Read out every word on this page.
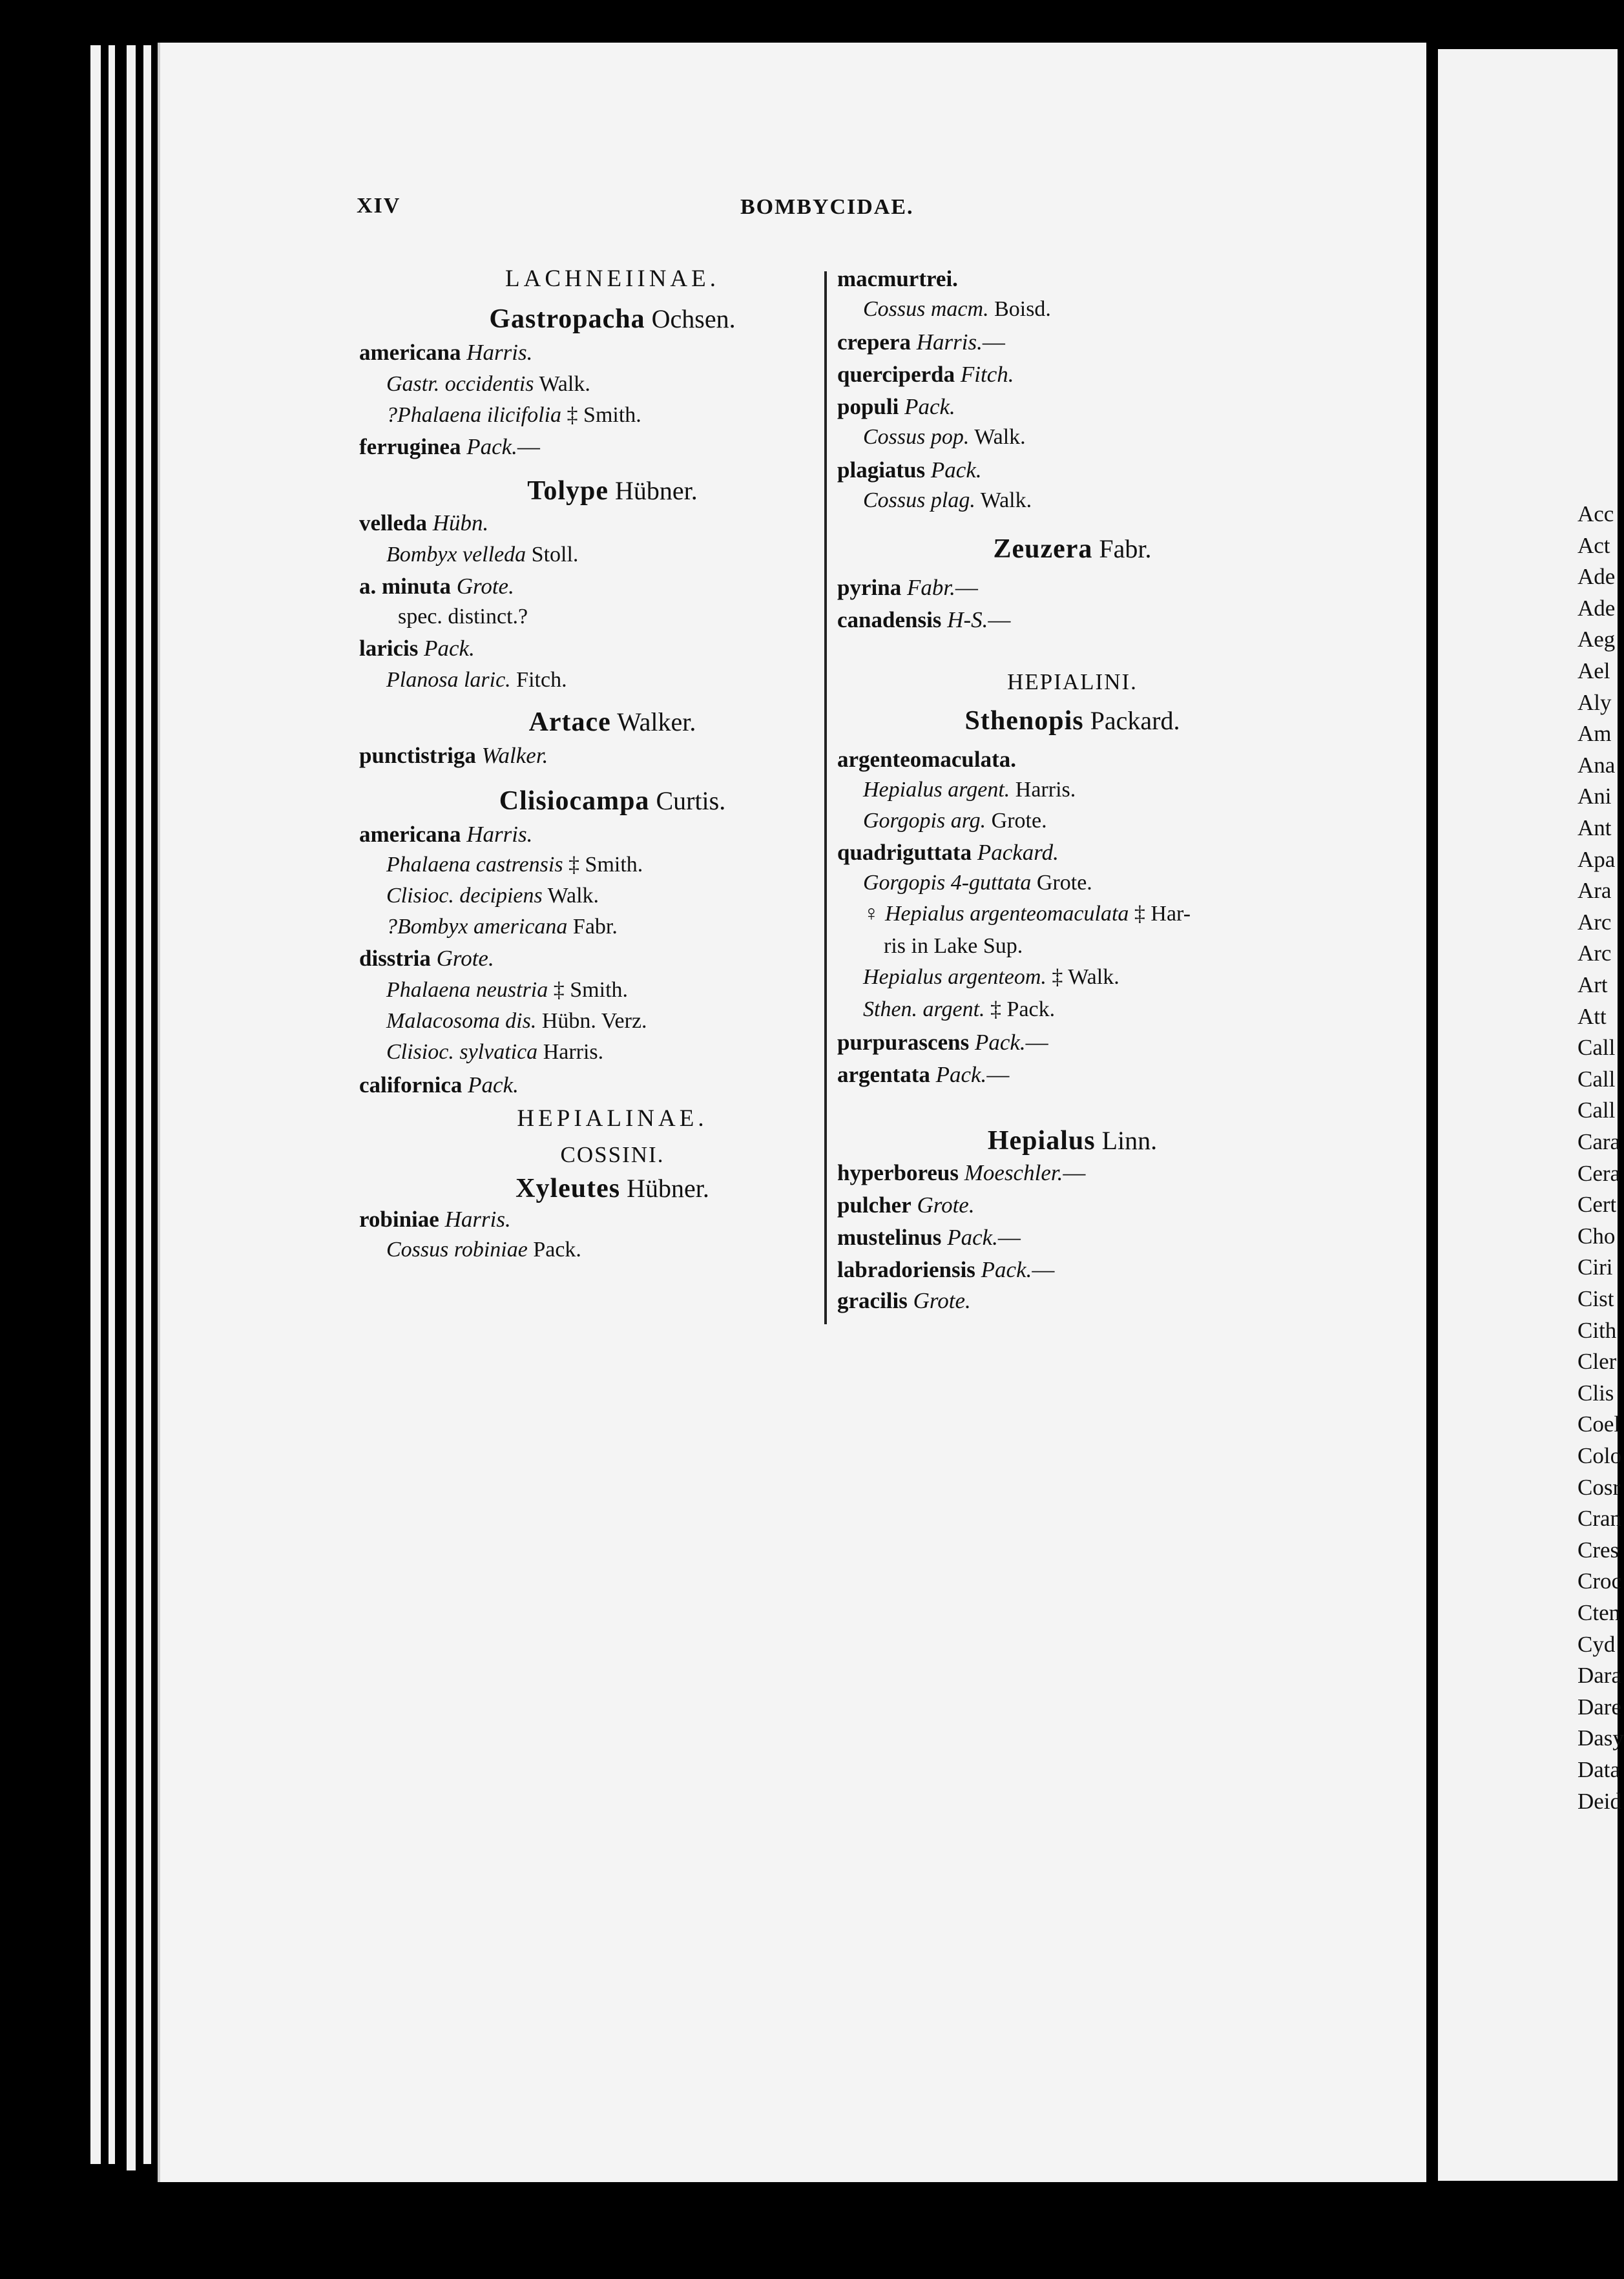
XIV	BOMBYCIDAE.
LACHNEIINAE.
Gastropacha Ochsen.
americana Harris.
Gastr. occidentis Walk.
?Phalaena ilicifolia ‡ Smith.
ferruginea Pack.—
Tolype Hübner.
velleda Hübn.
Bombyx velleda Stoll.
a. minuta Grote.
spec. distinct.?
laricis Pack.
Planosa laric. Fitch.
Artace Walker.
punctistriga Walker.
Clisiocampa Curtis.
americana Harris.
Phalaena castrensis ‡ Smith.
Clisioc. decipiens Walk.
?Bombyx americana Fabr.
disstria Grote.
Phalaena neustria ‡ Smith.
Malacosoma dis. Hübn. Verz.
Clisioc. sylvatica Harris.
californica Pack.
HEPIALINAE.
COSSINI.
Xyleutes Hübner.
robiniae Harris.
Cossus robiniae Pack.
macmurtrei.
Cossus macm. Boisd.
crepera Harris.—
querciperda Fitch.
populi Pack.
Cossus pop. Walk.
plagiatus Pack.
Cossus plag. Walk.
Zeuzera Fabr.
pyrina Fabr.—
canadensis H-S.—
HEPIALINI.
Sthenopis Packard.
argenteomaculata.
Hepialus argent. Harris.
Gorgopis arg. Grote.
quadriguttata Packard.
Gorgopis 4-guttata Grote.
♀ Hepialus argenteomaculata ‡ Har-
ris in Lake Sup.
Hepialus argenteom. ‡ Walk.
Sthen. argent. ‡ Pack.
purpurascens Pack.—
argentata Pack.—
Hepialus Linn.
hyperboreus Moeschler.—
pulcher Grote.
mustelinus Pack.—
labradoriensis Pack.—
gracilis Grote.
Acc
Act
Ade
Ade
Aeg
Ael
Aly
Am
Ana
Ani
Ant
Apa
Ara
Arc
Arc
Art
Att
Call
Call
Call
Cara
Cera
Cert
Cho
Ciri
Cist
Cith
Cler
Clis
Coel
Colo
Cosr
Cran
Cres
Croc
Cten
Cyd
Dara
Dare
Dasy
Data
Deid
